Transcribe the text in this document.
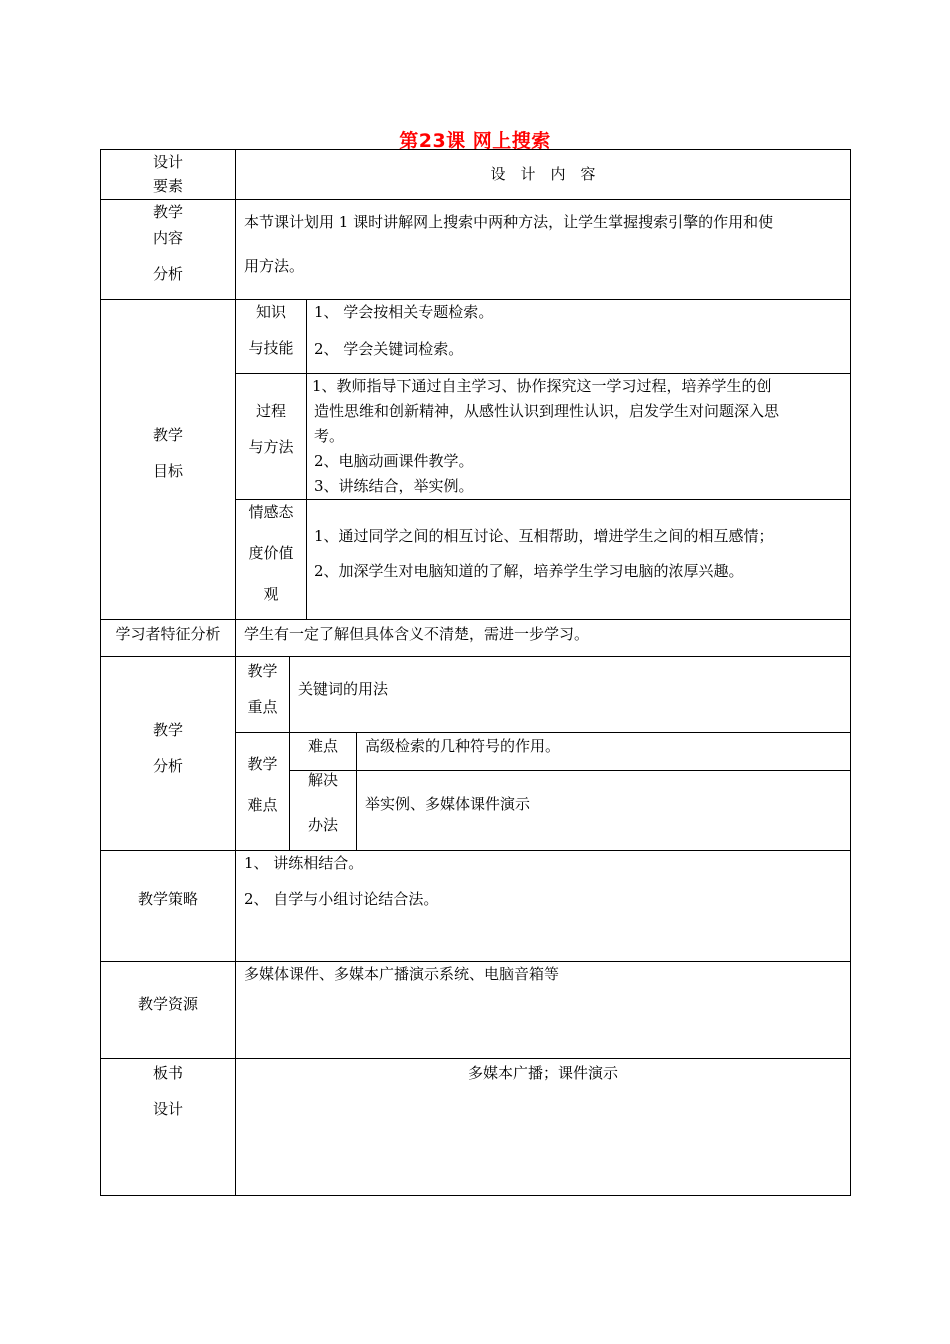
第23课 网上搜索
设计
要素
设　计　内　容
教学
内容
分析
本节课计划用 1 课时讲解网上搜索中两种方法，让学生掌握搜索引擎的作用和使
用方法。
教学
目标
知识
与技能
1、 学会按相关专题检索。
2、 学会关键词检索。
过程
与方法
1、教师指导下通过自主学习、协作探究这一学习过程，培养学生的创
造性思维和创新精神，从感性认识到理性认识，启发学生对问题深入思
考。
2、电脑动画课件教学。
3、讲练结合，举实例。
情感态
度价值
观
1、通过同学之间的相互讨论、互相帮助，增进学生之间的相互感情；
2、加深学生对电脑知道的了解，培养学生学习电脑的浓厚兴趣。
学习者特征分析	学生有一定了解但具体含义不清楚，需进一步学习。
教学
分析
教学
重点
关键词的用法
教学
难点
难点	高级检索的几种符号的作用。
解决
办法
举实例、多媒体课件演示
教学策略
1、 讲练相结合。
2、 自学与小组讨论结合法。
教学资源
多媒体课件、多媒本广播演示系统、电脑音箱等
板书
设计
多媒本广播；课件演示
